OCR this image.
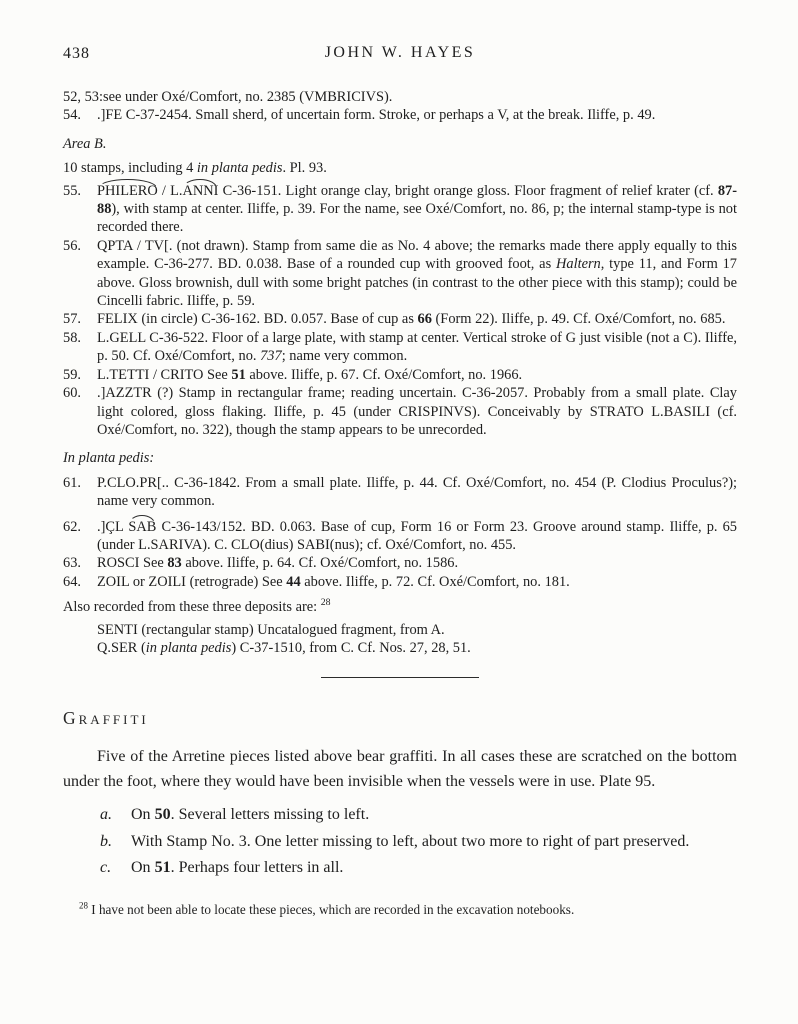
438	JOHN W. HAYES
52, 53:see under Oxé/Comfort, no. 2385 (VMBRICIVS).
54. .]FE C-37-2454. Small sherd, of uncertain form. Stroke, or perhaps a V, at the break. Iliffe, p. 49.
Area B.
10 stamps, including 4 in planta pedis. Pl. 93.
55. PHILERO / L.ANNI C-36-151. Light orange clay, bright orange gloss. Floor fragment of relief krater (cf. 87-88), with stamp at center. Iliffe, p. 39. For the name, see Oxé/Comfort, no. 86, p; the internal stamp-type is not recorded there.
56. QPTA / TV[. (not drawn). Stamp from same die as No. 4 above; the remarks made there apply equally to this example. C-36-277. BD. 0.038. Base of a rounded cup with grooved foot, as Haltern, type 11, and Form 17 above. Gloss brownish, dull with some bright patches (in contrast to the other piece with this stamp); could be Cincelli fabric. Iliffe, p. 59.
57. FELIX (in circle) C-36-162. BD. 0.057. Base of cup as 66 (Form 22). Iliffe, p. 49. Cf. Oxé/Comfort, no. 685.
58. L.GELL C-36-522. Floor of a large plate, with stamp at center. Vertical stroke of G just visible (not a C). Iliffe, p. 50. Cf. Oxé/Comfort, no. 737; name very common.
59. L.TETTI / CRITO See 51 above. Iliffe, p. 67. Cf. Oxé/Comfort, no. 1966.
60. .]AZZTR (?) Stamp in rectangular frame; reading uncertain. C-36-2057. Probably from a small plate. Clay light colored, gloss flaking. Iliffe, p. 45 (under CRISPINVS). Conceivably by STRATO L.BASILI (cf. Oxé/Comfort, no. 322), though the stamp appears to be unrecorded.
In planta pedis:
61. P.CLO.PR[.. C-36-1842. From a small plate. Iliffe, p. 44. Cf. Oxé/Comfort, no. 454 (P. Clodius Proculus?); name very common.
62. .]ÇL SAB C-36-143/152. BD. 0.063. Base of cup, Form 16 or Form 23. Groove around stamp. Iliffe, p. 65 (under L.SARIVA). C. CLO(dius) SABI(nus); cf. Oxé/Comfort, no. 455.
63. ROSCI See 83 above. Iliffe, p. 64. Cf. Oxé/Comfort, no. 1586.
64. ZOIL or ZOILI (retrograde) See 44 above. Iliffe, p. 72. Cf. Oxé/Comfort, no. 181.
Also recorded from these three deposits are: $^{28}$
SENTI (rectangular stamp) Uncatalogued fragment, from A.
Q.SER (in planta pedis) C-37-1510, from C. Cf. Nos. 27, 28, 51.
GRAFFITI

Five of the Arretine pieces listed above bear graffiti. In all cases these are scratched on the bottom under the foot, where they would have been invisible when the vessels were in use. Plate 95.

a. On 50. Several letters missing to left.
b. With Stamp No. 3. One letter missing to left, about two more to right of part preserved.
c. On 51. Perhaps four letters in all.
$^{28}$ I have not been able to locate these pieces, which are recorded in the excavation notebooks.
